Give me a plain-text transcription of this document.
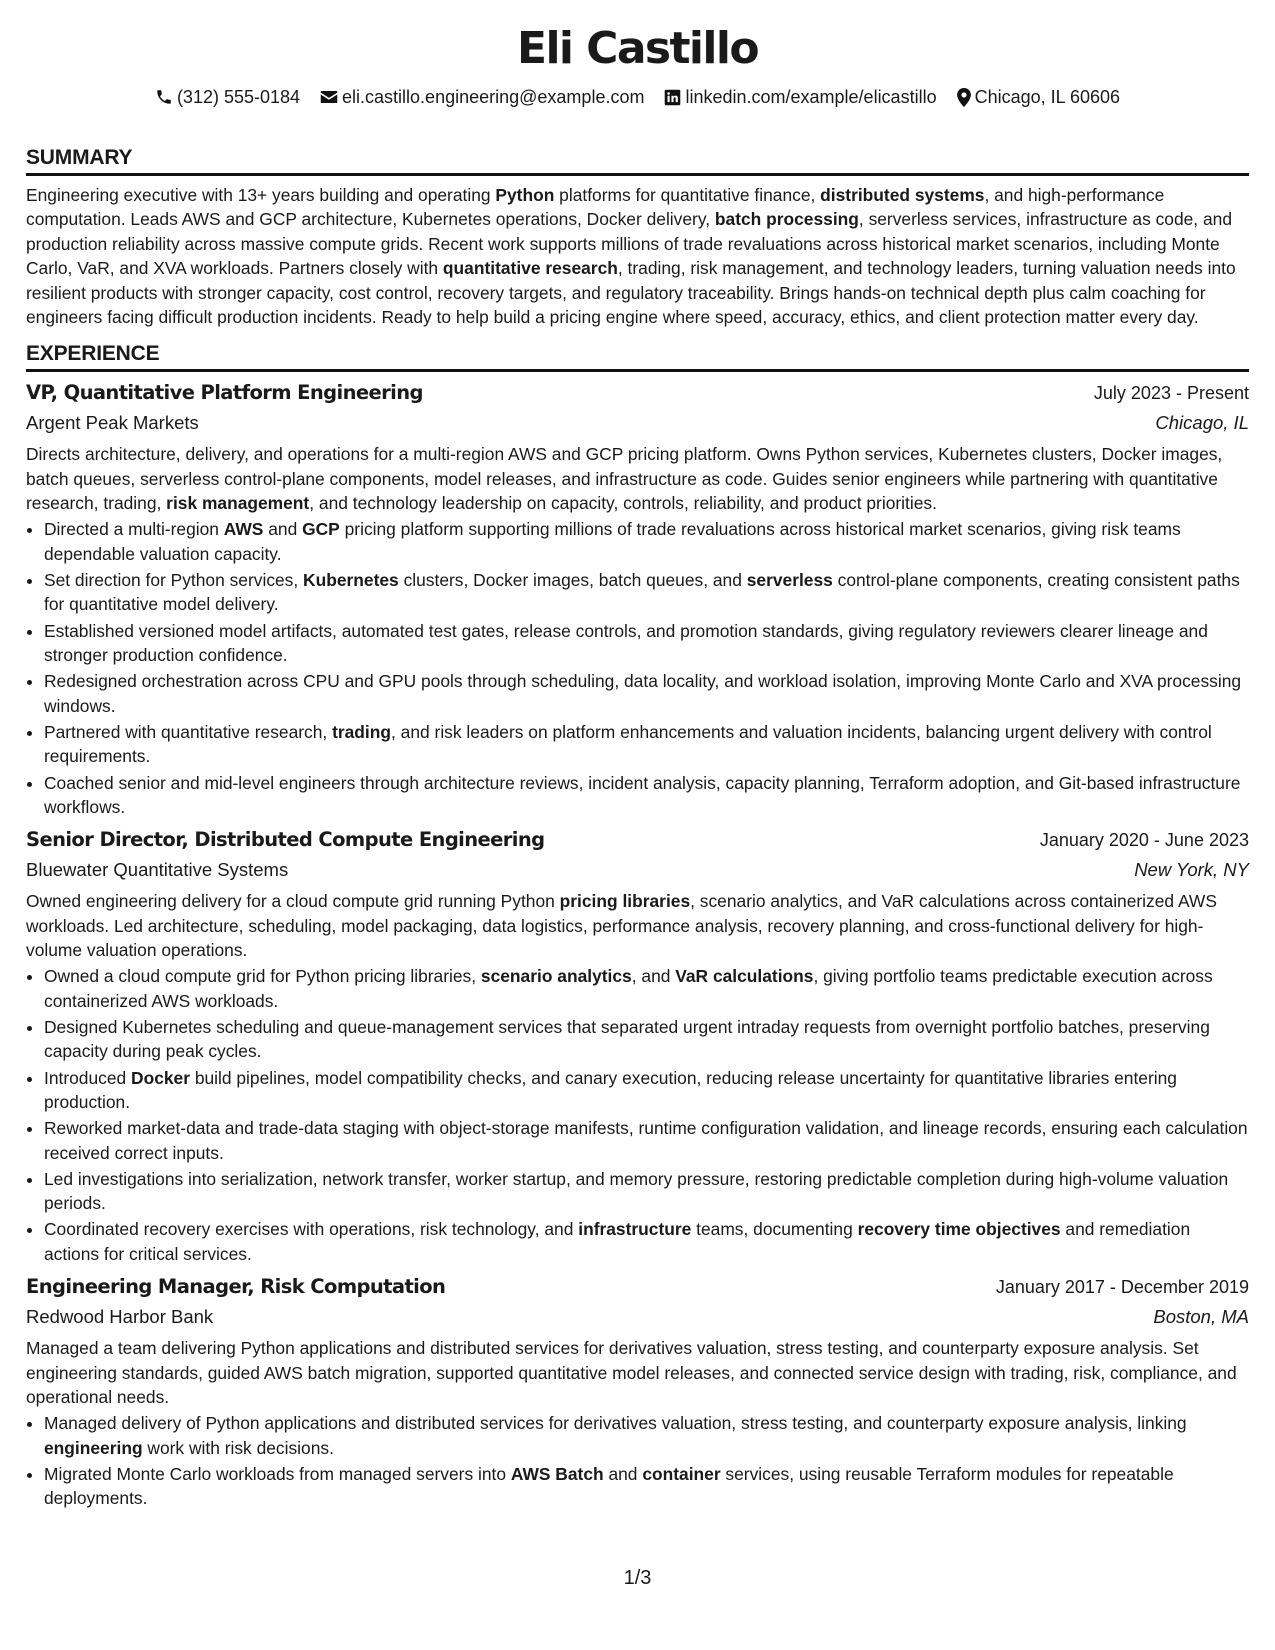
Eli Castillo
(312) 555-0184 eli.castillo.engineering@example.com linkedin.com/example/elicastillo Chicago, IL 60606
SUMMARY

Engineering executive with 13+ years building and operating Python platforms for quantitative finance, distributed systems, and high-performance computation. Leads AWS and GCP architecture, Kubernetes operations, Docker delivery, batch processing, serverless services, infrastructure as code, and production reliability across massive compute grids. Recent work supports millions of trade revaluations across historical market scenarios, including Monte Carlo, VaR, and XVA workloads. Partners closely with quantitative research, trading, risk management, and technology leaders, turning valuation needs into resilient products with stronger capacity, cost control, recovery targets, and regulatory traceability. Brings hands-on technical depth plus calm coaching for engineers facing difficult production incidents. Ready to help build a pricing engine where speed, accuracy, ethics, and client protection matter every day.

EXPERIENCE
VP, Quantitative Platform Engineering	July 2023 - Present
Argent Peak Markets	Chicago, IL

Directs architecture, delivery, and operations for a multi-region AWS and GCP pricing platform. Owns Python services, Kubernetes clusters, Docker images, batch queues, serverless control-plane components, model releases, and infrastructure as code. Guides senior engineers while partnering with quantitative research, trading, risk management, and technology leadership on capacity, controls, reliability, and product priorities.

• Directed a multi-region AWS and GCP pricing platform supporting millions of trade revaluations across historical market scenarios, giving risk teams dependable valuation capacity.
• Set direction for Python services, Kubernetes clusters, Docker images, batch queues, and serverless control-plane components, creating consistent paths for quantitative model delivery.
• Established versioned model artifacts, automated test gates, release controls, and promotion standards, giving regulatory reviewers clearer lineage and stronger production confidence.
• Redesigned orchestration across CPU and GPU pools through scheduling, data locality, and workload isolation, improving Monte Carlo and XVA processing windows.
• Partnered with quantitative research, trading, and risk leaders on platform enhancements and valuation incidents, balancing urgent delivery with control requirements.
• Coached senior and mid-level engineers through architecture reviews, incident analysis, capacity planning, Terraform adoption, and Git-based infrastructure workflows.
Senior Director, Distributed Compute Engineering	January 2020 - June 2023
Bluewater Quantitative Systems	New York, NY

Owned engineering delivery for a cloud compute grid running Python pricing libraries, scenario analytics, and VaR calculations across containerized AWS workloads. Led architecture, scheduling, model packaging, data logistics, performance analysis, recovery planning, and cross-functional delivery for high-volume valuation operations.

• Owned a cloud compute grid for Python pricing libraries, scenario analytics, and VaR calculations, giving portfolio teams predictable execution across containerized AWS workloads.
• Designed Kubernetes scheduling and queue-management services that separated urgent intraday requests from overnight portfolio batches, preserving capacity during peak cycles.
• Introduced Docker build pipelines, model compatibility checks, and canary execution, reducing release uncertainty for quantitative libraries entering production.
• Reworked market-data and trade-data staging with object-storage manifests, runtime configuration validation, and lineage records, ensuring each calculation received correct inputs.
• Led investigations into serialization, network transfer, worker startup, and memory pressure, restoring predictable completion during high-volume valuation periods.
• Coordinated recovery exercises with operations, risk technology, and infrastructure teams, documenting recovery time objectives and remediation actions for critical services.
Engineering Manager, Risk Computation	January 2017 - December 2019
Redwood Harbor Bank	Boston, MA

Managed a team delivering Python applications and distributed services for derivatives valuation, stress testing, and counterparty exposure analysis. Set engineering standards, guided AWS batch migration, supported quantitative model releases, and connected service design with trading, risk, compliance, and operational needs.

• Managed delivery of Python applications and distributed services for derivatives valuation, stress testing, and counterparty exposure analysis, linking engineering work with risk decisions.
• Migrated Monte Carlo workloads from managed servers into AWS Batch and container services, using reusable Terraform modules for repeatable deployments.
1/3
